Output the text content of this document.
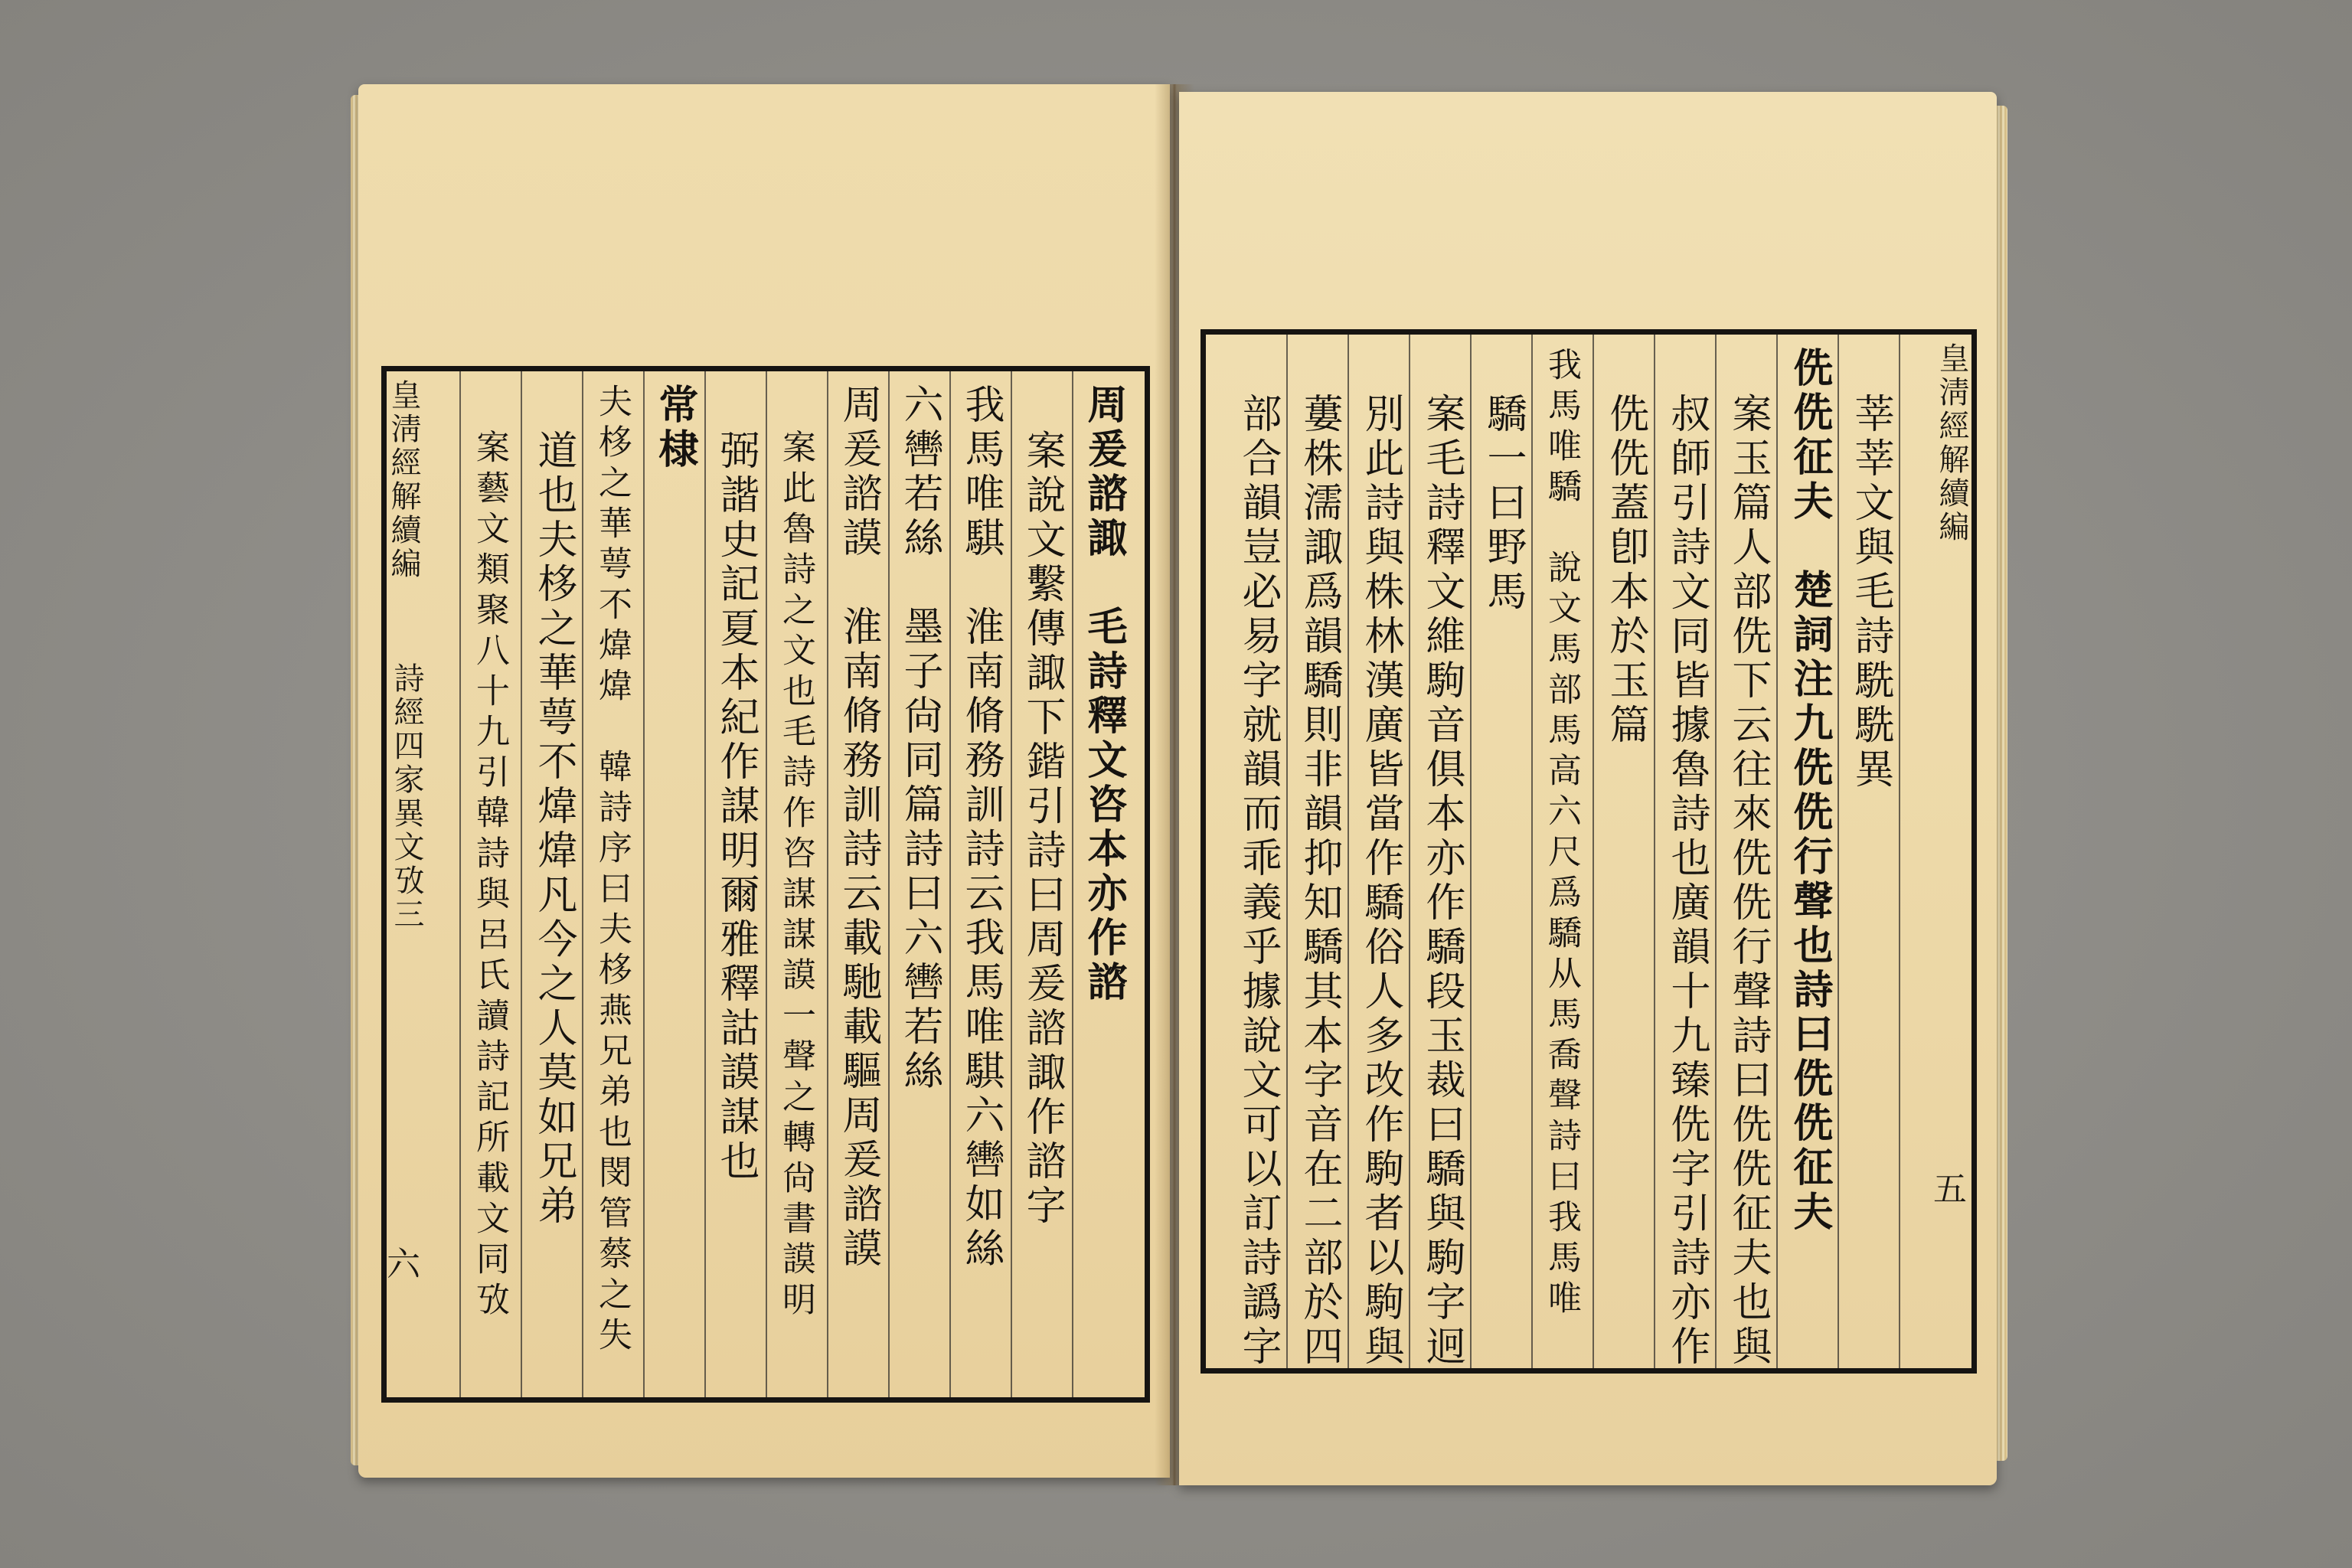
皇淸經解續編
詩經四家異文攷三
六
周爰諮諏　毛詩釋文咨本亦作諮
案說文繫傳諏下鍇引詩曰周爰諮諏作諮字
我馬唯騏　淮南脩務訓詩云我馬唯騏六轡如絲
六轡若絲　墨子尙同篇詩曰六轡若絲
周爰諮謨　淮南脩務訓詩云載馳載驅周爰諮謨
案此魯詩之文也毛詩作咨謀謀謨一聲之轉尙書謨明
弼諧史記夏本紀作謀明爾雅釋詁謨謀也
常棣
夫栘之華萼不煒煒　韓詩序曰夫栘燕兄弟也閔管蔡之失
道也夫栘之華萼不煒煒凡今之人莫如兄弟
案藝文類聚八十九引韓詩與呂氏讀詩記所載文同攷	皇淸經解續編
五
莘莘文與毛詩駪駪異
侁侁征夫　楚詞注九侁侁行聲也詩曰侁侁征夫
案玉篇人部侁下云往來侁侁行聲詩曰侁侁征夫也與
叔師引詩文同皆據魯詩也廣韻十九臻侁字引詩亦作
侁侁蓋卽本於玉篇
我馬唯驕　說文馬部馬高六尺爲驕从馬喬聲詩曰我馬唯
驕一曰野馬
案毛詩釋文維駒音俱本亦作驕段玉裁曰驕與駒字迥
別此詩與株林漢廣皆當作驕俗人多改作駒者以駒與
蔞株濡諏爲韻驕則非韻抑知驕其本字音在二部於四
部合韻豈必易字就韻而乖義乎據說文可以訂詩譌字
